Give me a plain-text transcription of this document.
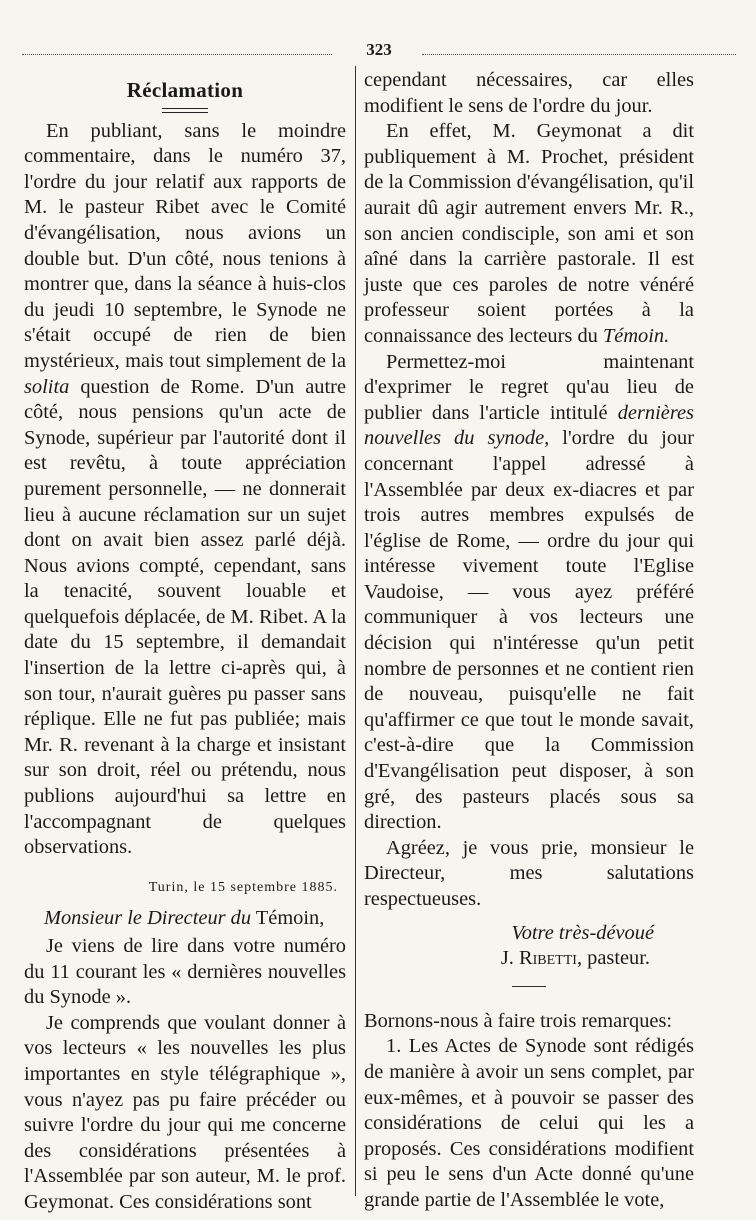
323
Réclamation

En publiant, sans le moindre commentaire, dans le numéro 37, l'ordre du jour relatif aux rapports de M. le pasteur Ribet avec le Comité d'évangélisation, nous avions un double but. D'un côté, nous tenions à montrer que, dans la séance à huis-clos du jeudi 10 septembre, le Synode ne s'était occupé de rien de bien mystérieux, mais tout simplement de la solita question de Rome. D'un autre côté, nous pensions qu'un acte de Synode, supérieur par l'autorité dont il est revêtu, à toute appréciation purement personnelle, — ne donnerait lieu à aucune réclamation sur un sujet dont on avait bien assez parlé déjà. Nous avions compté, cependant, sans la tenacité, souvent louable et quelquefois déplacée, de M. Ribet. A la date du 15 septembre, il demandait l'insertion de la lettre ci-après qui, à son tour, n'aurait guères pu passer sans réplique. Elle ne fut pas publiée; mais Mr. R. revenant à la charge et insistant sur son droit, réel ou prétendu, nous publions aujourd'hui sa lettre en l'accompagnant de quelques observations.

Turin, le 15 septembre 1885.

Monsieur le Directeur du Témoin,

Je viens de lire dans votre numéro du 11 courant les « dernières nouvelles du Synode ».

Je comprends que voulant donner à vos lecteurs « les nouvelles les plus importantes en style télégraphique », vous n'ayez pas pu faire précéder ou suivre l'ordre du jour qui me concerne des considérations présentées à l'Assemblée par son auteur, M. le prof. Geymonat. Ces considérations sont

cependant nécessaires, car elles modifient le sens de l'ordre du jour.

En effet, M. Geymonat a dit publiquement à M. Prochet, président de la Commission d'évangélisation, qu'il aurait dû agir autrement envers Mr. R., son ancien condisciple, son ami et son aîné dans la carrière pastorale. Il est juste que ces paroles de notre vénéré professeur soient portées à la connaissance des lecteurs du Témoin.

Permettez-moi maintenant d'exprimer le regret qu'au lieu de publier dans l'article intitulé dernières nouvelles du synode, l'ordre du jour concernant l'appel adressé à l'Assemblée par deux ex-diacres et par trois autres membres expulsés de l'église de Rome, — ordre du jour qui intéresse vivement toute l'Eglise Vaudoise, — vous ayez préféré communiquer à vos lecteurs une décision qui n'intéresse qu'un petit nombre de personnes et ne contient rien de nouveau, puisqu'elle ne fait qu'affirmer ce que tout le monde savait, c'est-à-dire que la Commission d'Evangélisation peut disposer, à son gré, des pasteurs placés sous sa direction.

Agréez, je vous prie, monsieur le Directeur, mes salutations respectueuses.

Votre très-dévoué
J. Ribetti, pasteur.

Bornons-nous à faire trois remarques:

1. Les Actes de Synode sont rédigés de manière à avoir un sens complet, par eux-mêmes, et à pouvoir se passer des considérations de celui qui les a proposés. Ces considérations modifient si peu le sens d'un Acte donné qu'une grande partie de l'Assemblée le vote,
